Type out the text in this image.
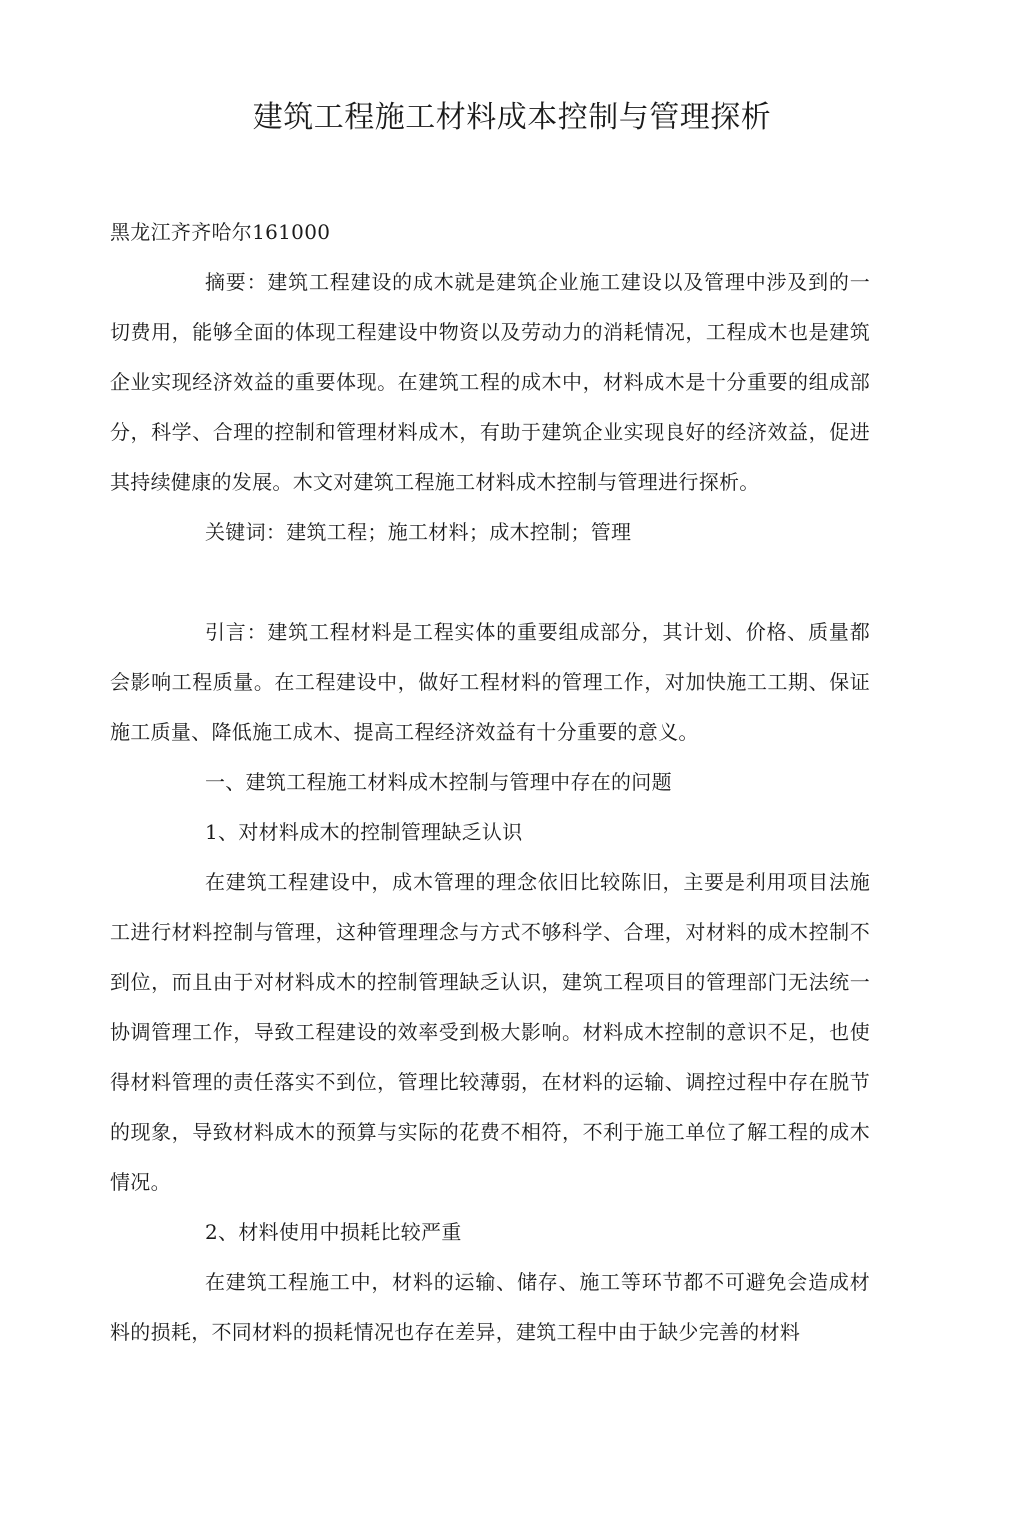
建筑工程施工材料成本控制与管理探析

黑龙江齐齐哈尔161000

摘要：建筑工程建设的成木就是建筑企业施工建设以及管理中涉及到的一切费用，能够全面的体现工程建设中物资以及劳动力的消耗情况，工程成木也是建筑企业实现经济效益的重要体现。在建筑工程的成木中，材料成木是十分重要的组成部分，科学、合理的控制和管理材料成木，有助于建筑企业实现良好的经济效益，促进其持续健康的发展。木文对建筑工程施工材料成木控制与管理进行探析。

关键词：建筑工程；施工材料；成木控制；管理

引言：建筑工程材料是工程实体的重要组成部分，其计划、价格、质量都会影响工程质量。在工程建设中，做好工程材料的管理工作，对加快施工工期、保证施工质量、降低施工成木、提高工程经济效益有十分重要的意义。

一、建筑工程施工材料成木控制与管理中存在的问题

1、对材料成木的控制管理缺乏认识

在建筑工程建设中，成木管理的理念依旧比较陈旧，主要是利用项目法施工进行材料控制与管理，这种管理理念与方式不够科学、合理，对材料的成木控制不到位，而且由于对材料成木的控制管理缺乏认识，建筑工程项目的管理部门无法统一协调管理工作，导致工程建设的效率受到极大影响。材料成木控制的意识不足，也使得材料管理的责任落实不到位，管理比较薄弱，在材料的运输、调控过程中存在脱节的现象，导致材料成木的预算与实际的花费不相符，不利于施工单位了解工程的成木情况。

2、材料使用中损耗比较严重

在建筑工程施工中，材料的运输、储存、施工等环节都不可避免会造成材料的损耗，不同材料的损耗情况也存在差异，建筑工程中由于缺少完善的材料
